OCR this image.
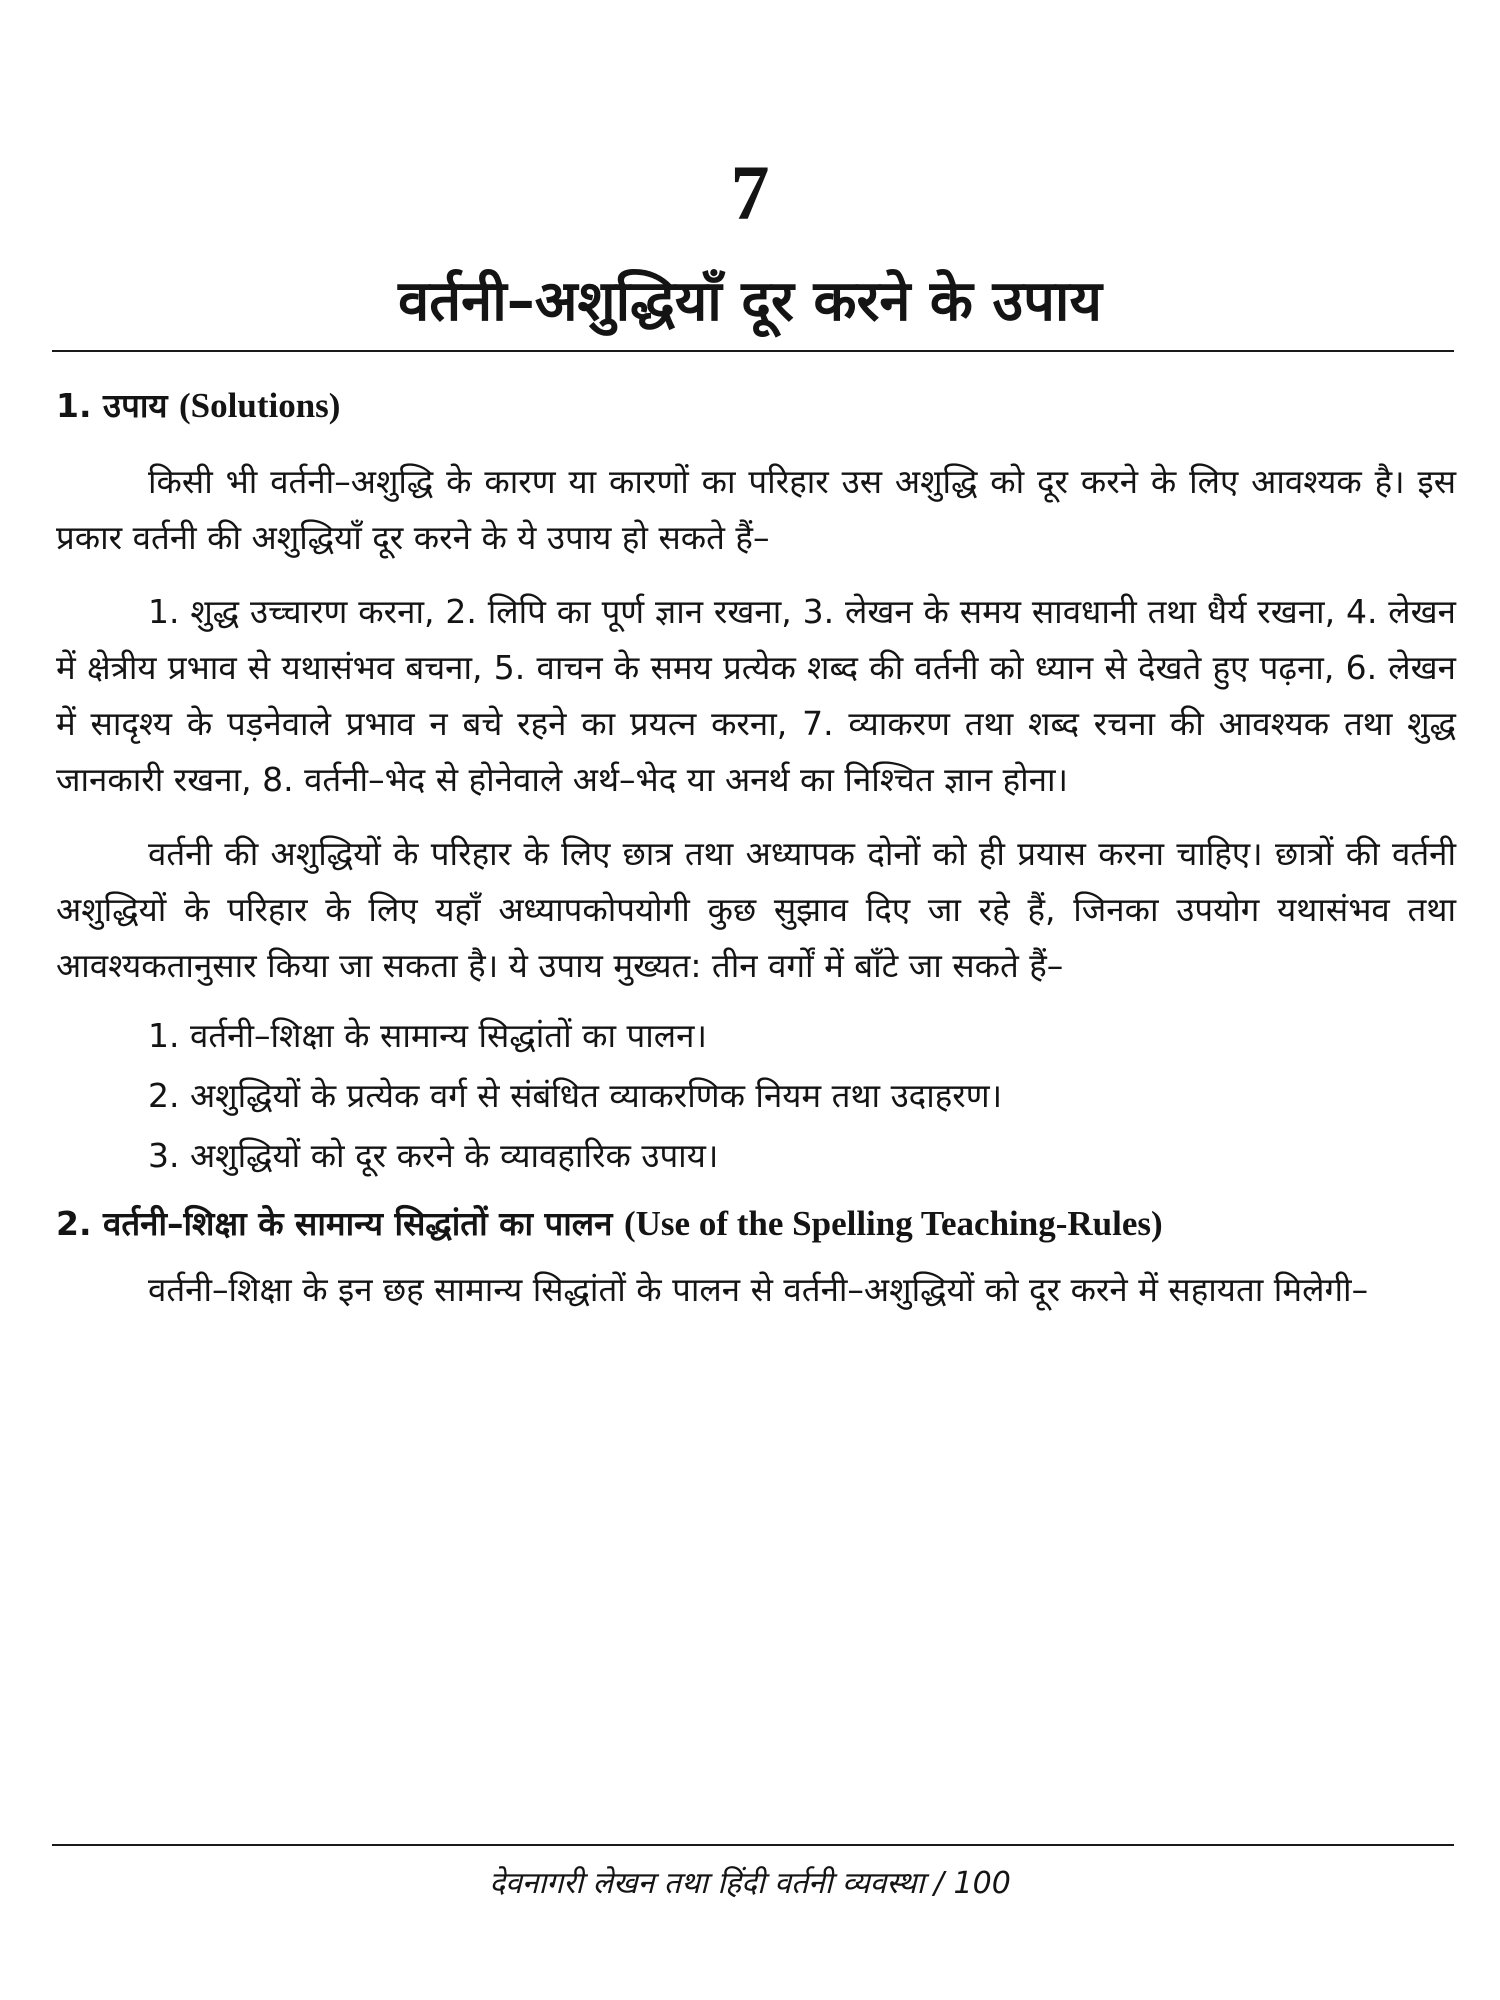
7
वर्तनी–अशुद्धियाँ दूर करने के उपाय
1. उपाय (Solutions)

किसी भी वर्तनी–अशुद्धि के कारण या कारणों का परिहार उस अशुद्धि को दूर करने के लिए आवश्यक है। इस प्रकार वर्तनी की अशुद्धियाँ दूर करने के ये उपाय हो सकते हैं–

1. शुद्ध उच्चारण करना, 2. लिपि का पूर्ण ज्ञान रखना, 3. लेखन के समय सावधानी तथा धैर्य रखना, 4. लेखन में क्षेत्रीय प्रभाव से यथासंभव बचना, 5. वाचन के समय प्रत्येक शब्द की वर्तनी को ध्यान से देखते हुए पढ़ना, 6. लेखन में सादृश्य के पड़नेवाले प्रभाव न बचे रहने का प्रयत्न करना, 7. व्याकरण तथा शब्द रचना की आवश्यक तथा शुद्ध जानकारी रखना, 8. वर्तनी–भेद से होनेवाले अर्थ–भेद या अनर्थ का निश्चित ज्ञान होना।

वर्तनी की अशुद्धियों के परिहार के लिए छात्र तथा अध्यापक दोनों को ही प्रयास करना चाहिए। छात्रों की वर्तनी अशुद्धियों के परिहार के लिए यहाँ अध्यापकोपयोगी कुछ सुझाव दिए जा रहे हैं, जिनका उपयोग यथासंभव तथा आवश्यकतानुसार किया जा सकता है। ये उपाय मुख्यत: तीन वर्गों में बाँटे जा सकते हैं–

1. वर्तनी–शिक्षा के सामान्य सिद्धांतों का पालन।
2. अशुद्धियों के प्रत्येक वर्ग से संबंधित व्याकरणिक नियम तथा उदाहरण।
3. अशुद्धियों को दूर करने के व्यावहारिक उपाय।
2. वर्तनी–शिक्षा के सामान्य सिद्धांतों का पालन (Use of the Spelling Teaching-Rules)

वर्तनी–शिक्षा के इन छह सामान्य सिद्धांतों के पालन से वर्तनी–अशुद्धियों को दूर करने में सहायता मिलेगी–

देवनागरी लेखन तथा हिंदी वर्तनी व्यवस्था / 100
